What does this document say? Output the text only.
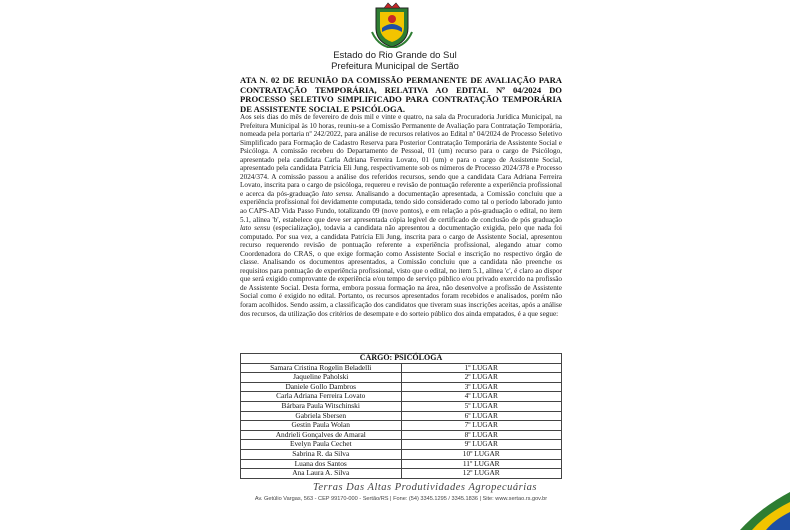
Estado do Rio Grande do Sul
Prefeitura Municipal de Sertão
ATA N. 02 DE REUNIÃO DA COMISSÃO PERMANENTE DE AVALIAÇÃO PARA CONTRATAÇÃO TEMPORÁRIA, RELATIVA AO EDITAL Nº 04/2024 DO PROCESSO SELETIVO SIMPLIFICADO PARA CONTRATAÇÃO TEMPORÁRIA DE ASSISTENTE SOCIAL E PSICÓLOGA.

Aos seis dias do mês de fevereiro de dois mil e vinte e quatro, na sala da Procuradoria Jurídica Municipal, na Prefeitura Municipal às 10 horas, reuniu-se a Comissão Permanente de Avaliação para Contratação Temporária, nomeada pela portaria nº 242/2022, para análise de recursos relativos ao Edital nº 04/2024 de Processo Seletivo Simplificado para Formação de Cadastro Reserva para Posterior Contratação Temporária de Assistente Social e Psicóloga. A comissão recebeu do Departamento de Pessoal, 01 (um) recurso para o cargo de Psicólogo, apresentado pela candidata Carla Adriana Ferreira Lovato, 01 (um) e para o cargo de Assistente Social, apresentado pela candidata Patrícia Eli Jung, respectivamente sob os números de Processo 2024/378 e Processo 2024/374. A comissão passou a análise dos referidos recursos, sendo que a candidata Cara Adriana Ferreira Lovato, inscrita para o cargo de psicóloga, requereu e revisão de pontuação referente a experiência profissional e acerca da pós-graduação lato sensu. Analisando a documentação apresentada, a Comissão concluiu que a experiência profissional foi devidamente computada, tendo sido considerado como tal o período laborado junto ao CAPS-AD Vida Passo Fundo, totalizando 09 (nove pontos), e em relação a pós-graduação o edital, no item 5.1, alínea 'b', estabelece que deve ser apresentada cópia legível de certificado de conclusão de pós graduação lato sensu (especialização), todavia a candidata não apresentou a documentação exigida, pelo que nada foi computado. Por sua vez, a candidata Patrícia Eli Jung, inscrita para o cargo de Assistente Social, apresentou recurso requerendo revisão de pontuação referente a experiência profissional, alegando atuar como Coordenadora do CRAS, o que exige formação como Assistente Social e inscrição no respectivo órgão de classe. Analisando os documentos apresentados, a Comissão concluiu que a candidata não preenche os requisitos para pontuação de experiência profissional, visto que o edital, no item 5.1, alínea 'c', é claro ao dispor que será exigido comprovante de experiência e/ou tempo de serviço público e/ou privado exercido na profissão de Assistente Social. Desta forma, embora possua formação na área, não desenvolve a profissão de Assistente Social como é exigido no edital. Portanto, os recursos apresentados foram recebidos e analisados, porém não foram acolhidos. Sendo assim, a classificação dos candidatos que tiveram suas inscrições aceitas, após a análise dos recursos, da utilização dos critérios de desempate e do sorteio público dos ainda empatados, é a que segue:

CARGO: PSICÓLOGA	
Samara Cristina Rogelin Beladelli	1º LUGAR
Jaqueline Paholski	2º LUGAR
Daniele Gollo Dambros	3º LUGAR
Carla Adriana Ferreira Lovato	4º LUGAR
Bárbara Paula Witschinski	5º LUGAR
Gabriela Sbersen	6º LUGAR
Gestin Paula Wolan	7º LUGAR
Andrieli Gonçalves de Amaral	8º LUGAR
Evelyn Paula Cechet	9º LUGAR
Sabrina R. da Silva	10º LUGAR
Luana dos Santos	11º LUGAR
Ana Laura A. Silva	12º LUGAR
Terras Das Altas Produtividades Agropecuárias
Av. Getúlio Vargas, 563 - CEP 99170-000 - Sertão/RS | Fone: (54) 3345.1295 / 3345.1836 | Site: www.sertao.rs.gov.br
